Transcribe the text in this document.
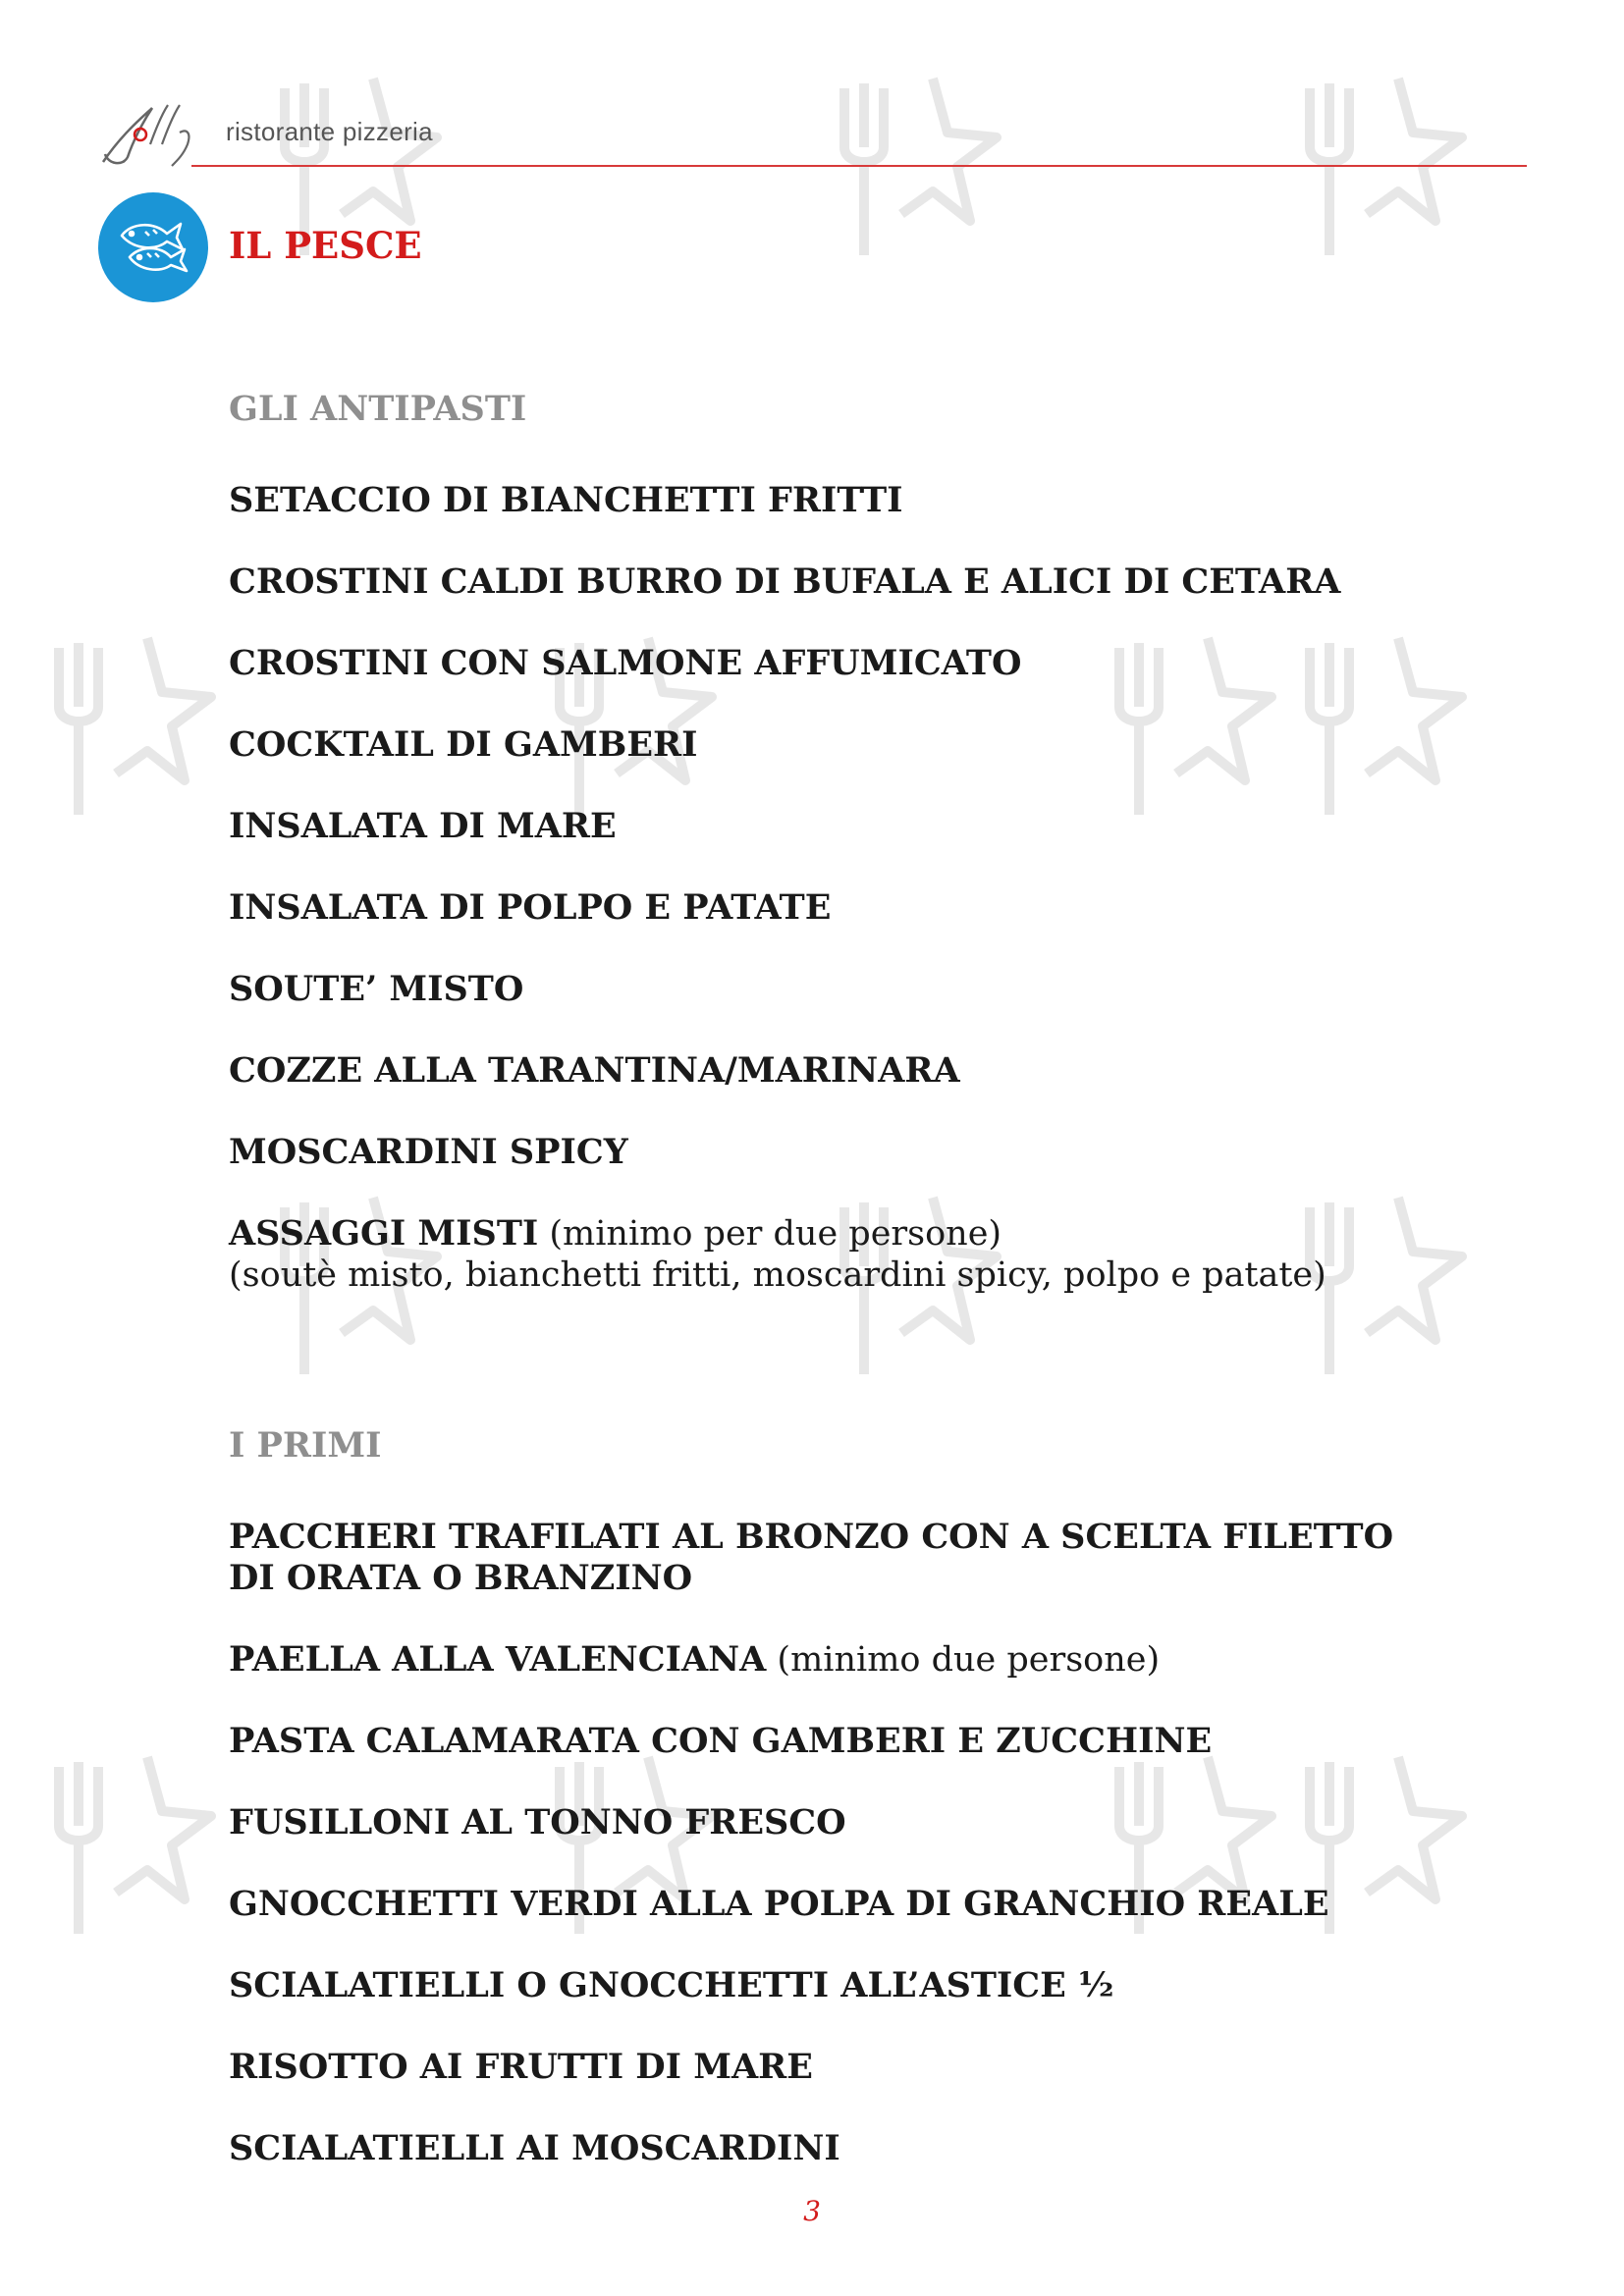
ristorante pizzeria
IL PESCE
GLI ANTIPASTI
SETACCIO DI BIANCHETTI FRITTI
CROSTINI CALDI BURRO DI BUFALA E ALICI DI CETARA
CROSTINI CON SALMONE AFFUMICATO
COCKTAIL DI GAMBERI
INSALATA DI MARE
INSALATA DI POLPO E PATATE
SOUTE’ MISTO
COZZE ALLA TARANTINA/MARINARA
MOSCARDINI SPICY
ASSAGGI MISTI (minimo per due persone)
(soutè misto, bianchetti fritti, moscardini spicy, polpo e patate)
I PRIMI
PACCHERI TRAFILATI AL BRONZO CON A SCELTA FILETTO
DI ORATA O BRANZINO
PAELLA ALLA VALENCIANA (minimo due persone)
PASTA CALAMARATA CON GAMBERI E ZUCCHINE
FUSILLONI AL TONNO FRESCO
GNOCCHETTI VERDI ALLA POLPA DI GRANCHIO REALE
SCIALATIELLI O GNOCCHETTI ALL’ASTICE ½
RISOTTO AI FRUTTI DI MARE
SCIALATIELLI AI MOSCARDINI
3
